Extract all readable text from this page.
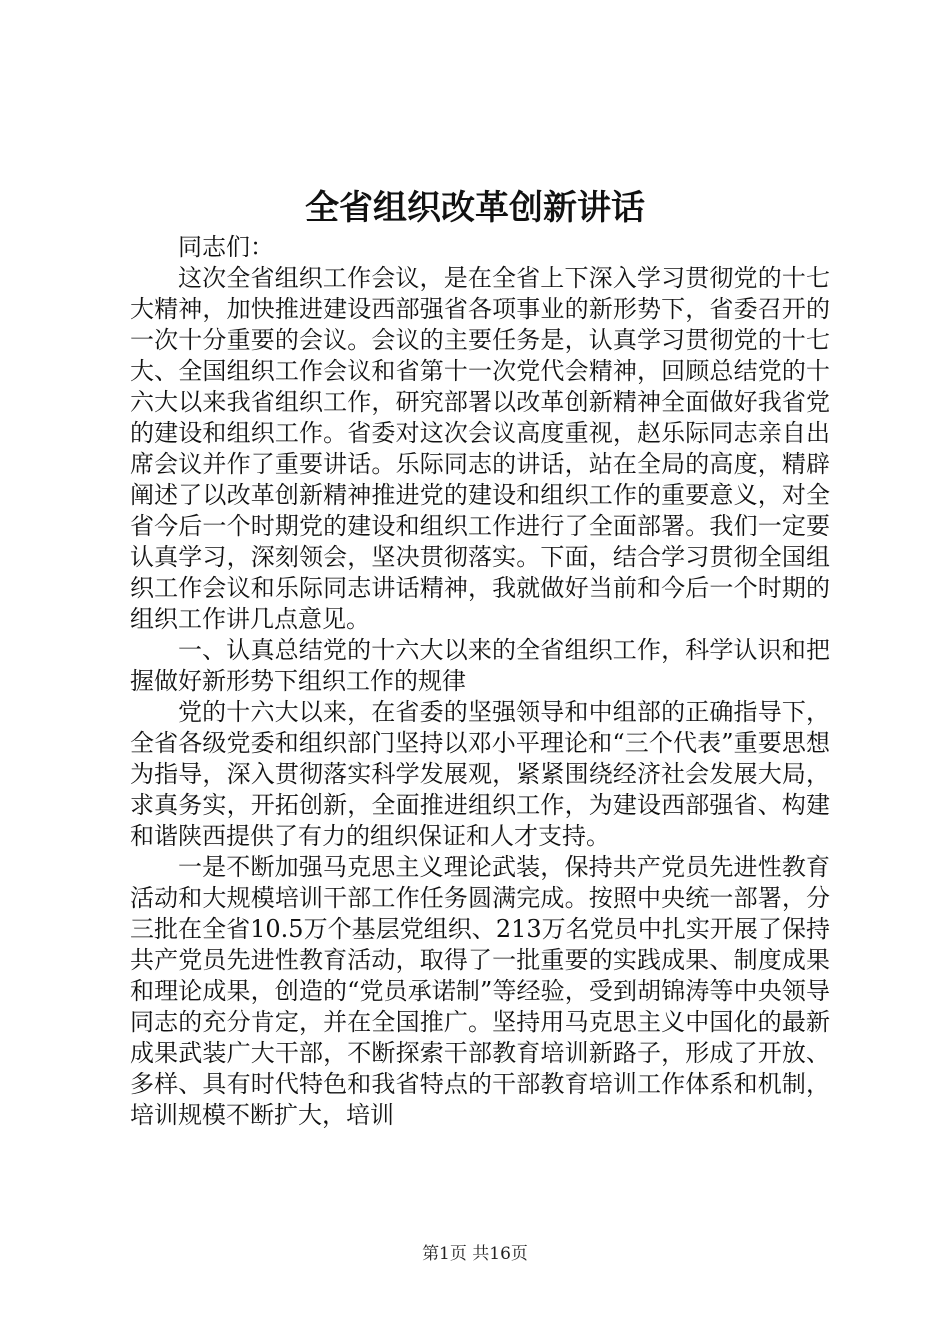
全省组织改革创新讲话

同志们：

这次全省组织工作会议，是在全省上下深入学习贯彻党的十七大精神，加快推进建设西部强省各项事业的新形势下，省委召开的一次十分重要的会议。会议的主要任务是，认真学习贯彻党的十七大、全国组织工作会议和省第十一次党代会精神，回顾总结党的十六大以来我省组织工作，研究部署以改革创新精神全面做好我省党的建设和组织工作。省委对这次会议高度重视，赵乐际同志亲自出席会议并作了重要讲话。乐际同志的讲话，站在全局的高度，精辟阐述了以改革创新精神推进党的建设和组织工作的重要意义，对全省今后一个时期党的建设和组织工作进行了全面部署。我们一定要认真学习，深刻领会，坚决贯彻落实。下面，结合学习贯彻全国组织工作会议和乐际同志讲话精神，我就做好当前和今后一个时期的组织工作讲几点意见。

一、认真总结党的十六大以来的全省组织工作，科学认识和把握做好新形势下组织工作的规律

党的十六大以来，在省委的坚强领导和中组部的正确指导下，全省各级党委和组织部门坚持以邓小平理论和“三个代表”重要思想为指导，深入贯彻落实科学发展观，紧紧围绕经济社会发展大局，求真务实，开拓创新，全面推进组织工作，为建设西部强省、构建和谐陕西提供了有力的组织保证和人才支持。

一是不断加强马克思主义理论武装，保持共产党员先进性教育活动和大规模培训干部工作任务圆满完成。按照中央统一部署，分三批在全省10.5万个基层党组织、213万名党员中扎实开展了保持共产党员先进性教育活动，取得了一批重要的实践成果、制度成果和理论成果，创造的“党员承诺制”等经验，受到胡锦涛等中央领导同志的充分肯定，并在全国推广。坚持用马克思主义中国化的最新成果武装广大干部，不断探索干部教育培训新路子，形成了开放、多样、具有时代特色和我省特点的干部教育培训工作体系和机制，培训规模不断扩大，培训

第1页 共16页
